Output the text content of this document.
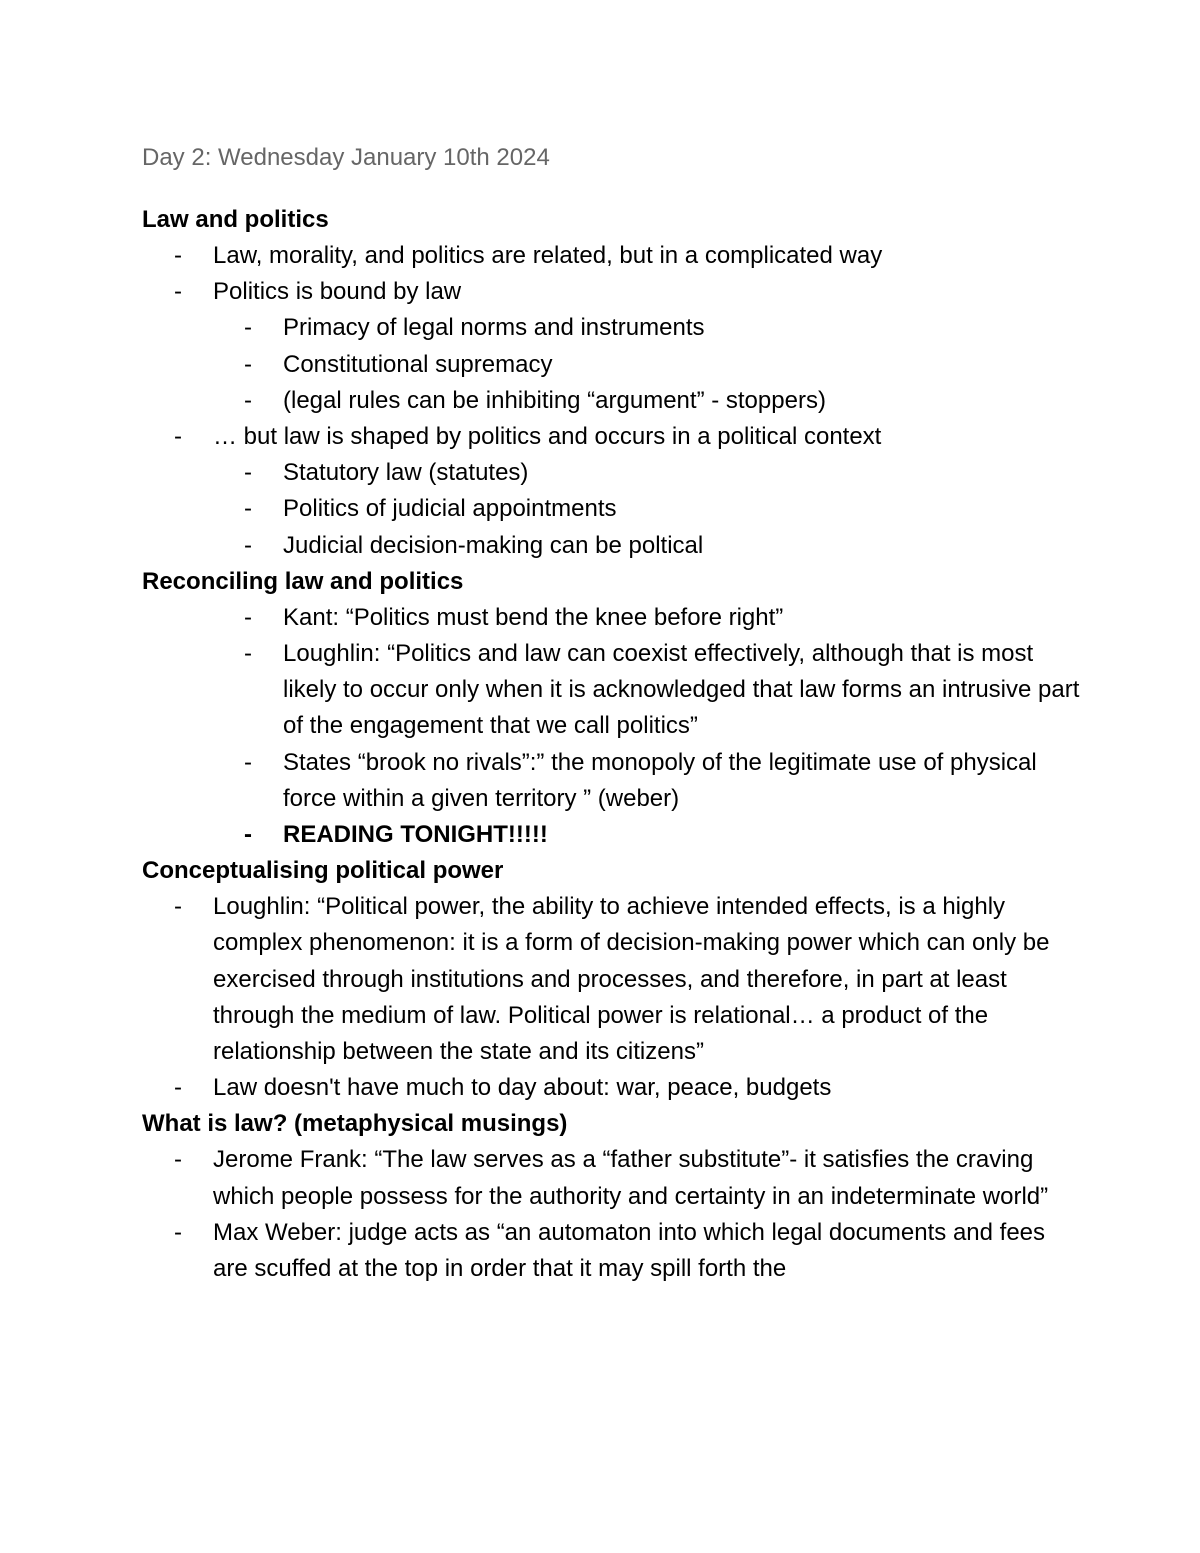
Day 2: Wednesday January 10th 2024
Law and politics
- Law, morality, and politics are related, but in a complicated way
- Politics is bound by law
- Primacy of legal norms and instruments
- Constitutional supremacy
- (legal rules can be inhibiting “argument” - stoppers)
- … but law is shaped by politics and occurs in a political context
- Statutory law (statutes)
- Politics of judicial appointments
- Judicial decision-making can be poltical
Reconciling law and politics
- Kant: “Politics must bend the knee before right”
- Loughlin: “Politics and law can coexist effectively, although that is most likely to occur only when it is acknowledged that law forms an intrusive part of the engagement that we call politics”
- States “brook no rivals”:” the monopoly of the legitimate use of physical force within a given territory ” (weber)
- READING TONIGHT!!!!!
Conceptualising political power
- Loughlin: “Political power, the ability to achieve intended effects, is a highly complex phenomenon: it is a form of decision-making power which can only be exercised through institutions and processes, and therefore, in part at least through the medium of law. Political power is relational… a product of the relationship between the state and its citizens”
- Law doesn't have much to day about: war, peace, budgets
What is law? (metaphysical musings)
- Jerome Frank: “The law serves as a “father substitute”- it satisfies the craving which people possess for the authority and certainty in an indeterminate world”
- Max Weber: judge acts as “an automaton into which legal documents and fees are scuffed at the top in order that it may spill forth the
